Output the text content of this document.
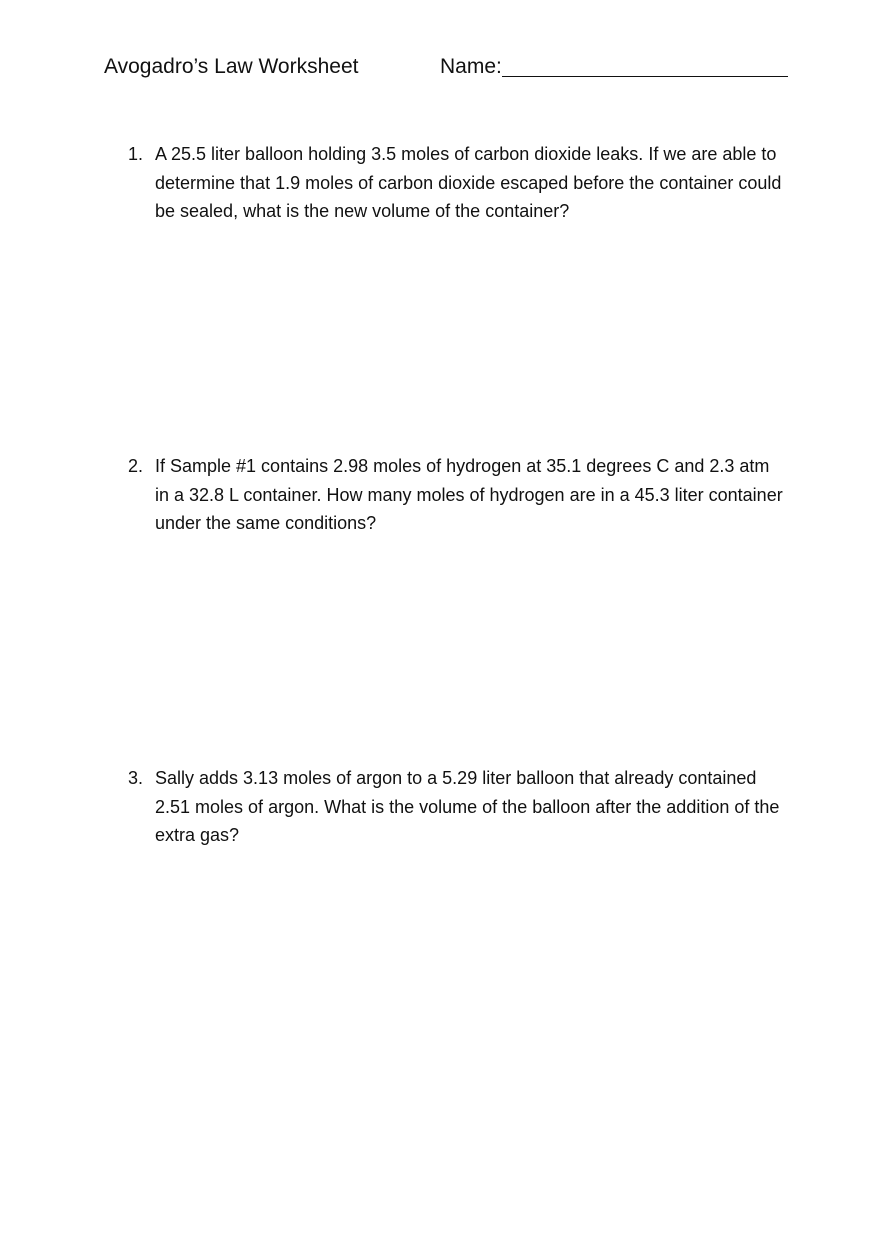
Avogadro’s Law Worksheet	Name:
1. A 25.5 liter balloon holding 3.5 moles of carbon dioxide leaks. If we are able to determine that 1.9 moles of carbon dioxide escaped before the container could be sealed, what is the new volume of the container?
2. If Sample #1 contains 2.98 moles of hydrogen at 35.1 degrees C and 2.3 atm in a 32.8 L container. How many moles of hydrogen are in a 45.3 liter container under the same conditions?
3. Sally adds 3.13 moles of argon to a 5.29 liter balloon that already contained 2.51 moles of argon. What is the volume of the balloon after the addition of the extra gas?
